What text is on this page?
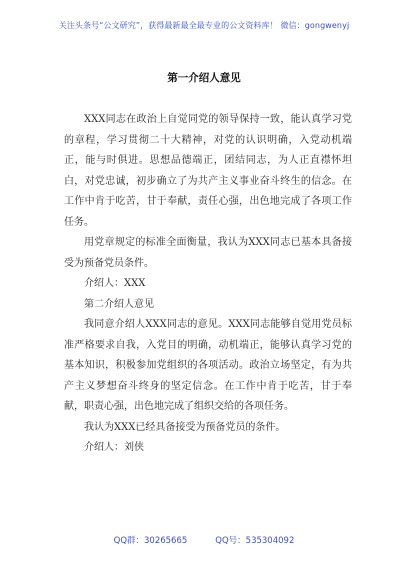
关注头条号“公文研究”，获得最新最全最专业的公文资料库！ 微信：gongwenyj
第一介绍人意见

XXX同志在政治上自觉同党的领导保持一致，能认真学习党的章程，学习贯彻二十大精神，对党的认识明确，入党动机端正，能与时俱进。思想品德端正，团结同志，为人正直襟怀坦白，对党忠诚，初步确立了为共产主义事业奋斗终生的信念。在工作中肯于吃苦，甘于奉献，责任心强，出色地完成了各项工作任务。

用党章规定的标准全面衡量，我认为XXX同志已基本具备接受为预备党员条件。

介绍人：XXX

第二介绍人意见

我同意介绍人XXX同志的意见。XXX同志能够自觉用党员标准严格要求自我，入党目的明确，动机端正，能够认真学习党的基本知识，积极参加党组织的各项活动。政治立场坚定，有为共产主义梦想奋斗终身的坚定信念。在工作中肯于吃苦，甘于奉献，职责心强，出色地完成了组织交给的各项任务。

我认为XXX已经具备接受为预备党员的条件。

介绍人：刘侠

QQ群：30265665	QQ号：535304092
